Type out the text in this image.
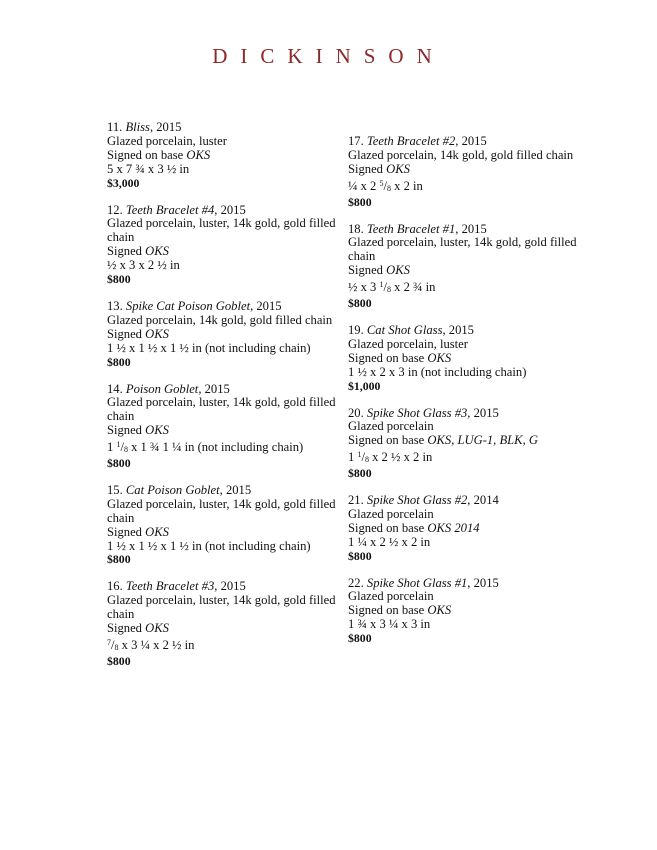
DICKINSON
11. Bliss, 2015
Glazed porcelain, luster
Signed on base OKS
5 x 7 ¾ x 3 ½ in
$3,000
12. Teeth Bracelet #4, 2015
Glazed porcelain, luster, 14k gold, gold filled chain
Signed OKS
½ x 3 x 2 ½ in
$800
13. Spike Cat Poison Goblet, 2015
Glazed porcelain, 14k gold, gold filled chain
Signed OKS
1 ½ x 1 ½ x 1 ½ in (not including chain)
$800
14. Poison Goblet, 2015
Glazed porcelain, luster, 14k gold, gold filled chain
Signed OKS
1 $^1$/8 x 1 ¾ 1 ¼ in (not including chain)
$800
15. Cat Poison Goblet, 2015
Glazed porcelain, luster, 14k gold, gold filled chain
Signed OKS
1 ½ x 1 ½ x 1 ½ in (not including chain)
$800
16. Teeth Bracelet #3, 2015
Glazed porcelain, luster, 14k gold, gold filled chain
Signed OKS
$^7$/8 x 3 ¼ x 2 ½ in
$800
17. Teeth Bracelet #2, 2015
Glazed porcelain, 14k gold, gold filled chain
Signed OKS
¼ x 2 $^5$/8 x 2 in
$800
18. Teeth Bracelet #1, 2015
Glazed porcelain, luster, 14k gold, gold filled chain
Signed OKS
½ x 3 $^1$/8 x 2 ¾ in
$800
19. Cat Shot Glass, 2015
Glazed porcelain, luster
Signed on base OKS
1 ½ x 2 x 3 in (not including chain)
$1,000
20. Spike Shot Glass #3, 2015
Glazed porcelain
Signed on base OKS, LUG-1, BLK, G
1 $^1$/8 x 2 ½ x 2 in
$800
21. Spike Shot Glass #2, 2014
Glazed porcelain
Signed on base OKS 2014
1 ¼ x 2 ½ x 2 in
$800
22. Spike Shot Glass #1, 2015
Glazed porcelain
Signed on base OKS
1 ¾ x 3 ¼ x 3 in
$800
